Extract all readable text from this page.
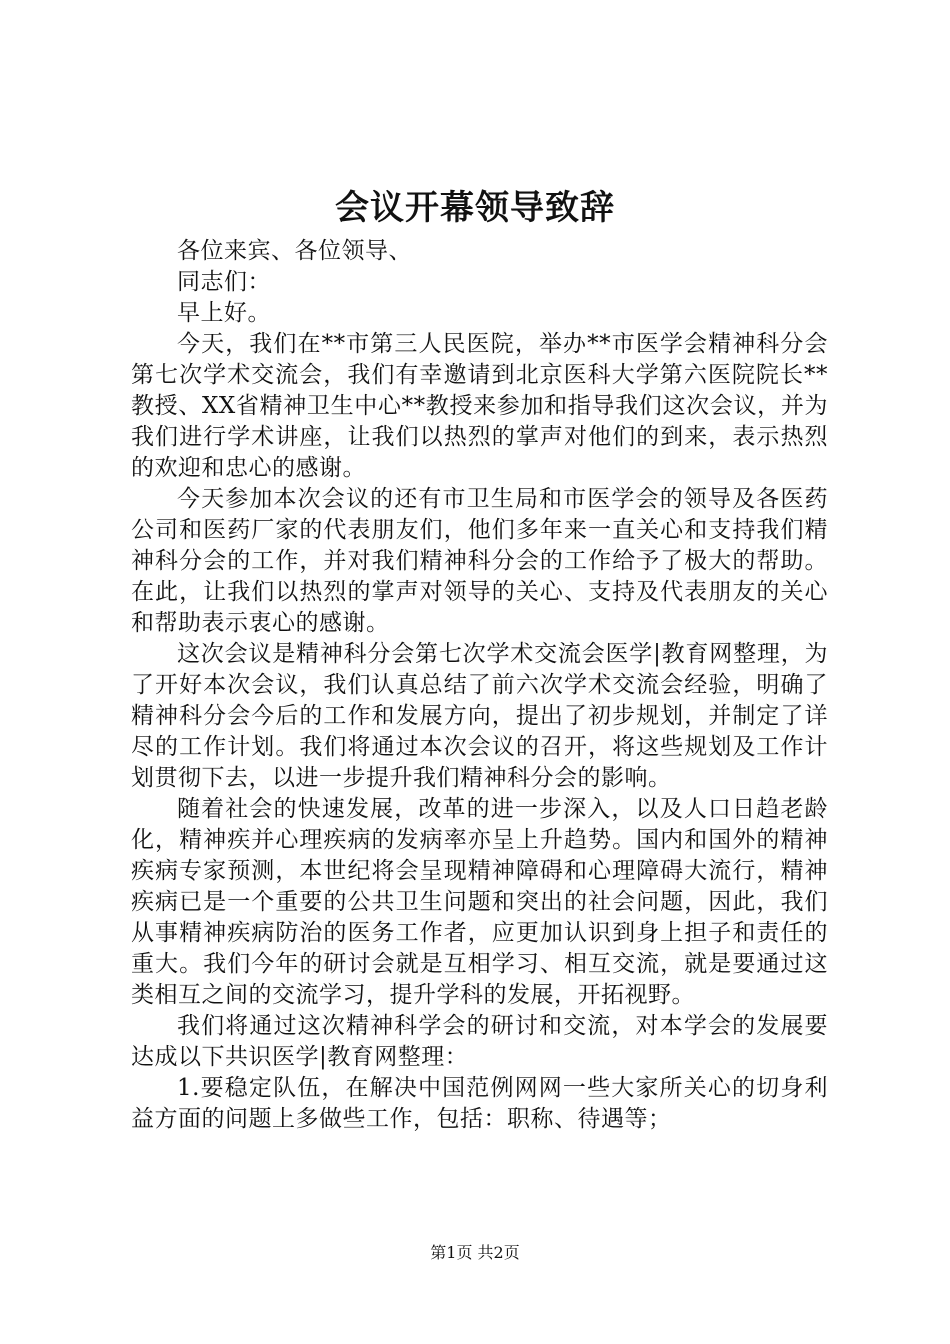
会议开幕领导致辞

各位来宾、各位领导、

同志们：

早上好。

今天，我们在**市第三人民医院，举办**市医学会精神科分会第七次学术交流会，我们有幸邀请到北京医科大学第六医院院长**教授、XX省精神卫生中心**教授来参加和指导我们这次会议，并为我们进行学术讲座，让我们以热烈的掌声对他们的到来，表示热烈的欢迎和忠心的感谢。

今天参加本次会议的还有市卫生局和市医学会的领导及各医药公司和医药厂家的代表朋友们，他们多年来一直关心和支持我们精神科分会的工作，并对我们精神科分会的工作给予了极大的帮助。在此，让我们以热烈的掌声对领导的关心、支持及代表朋友的关心和帮助表示衷心的感谢。

这次会议是精神科分会第七次学术交流会医学|教育网整理，为了开好本次会议，我们认真总结了前六次学术交流会经验，明确了精神科分会今后的工作和发展方向，提出了初步规划，并制定了详尽的工作计划。我们将通过本次会议的召开，将这些规划及工作计划贯彻下去，以进一步提升我们精神科分会的影响。

随着社会的快速发展，改革的进一步深入，以及人口日趋老龄化，精神疾并心理疾病的发病率亦呈上升趋势。国内和国外的精神疾病专家预测，本世纪将会呈现精神障碍和心理障碍大流行，精神疾病已是一个重要的公共卫生问题和突出的社会问题，因此，我们从事精神疾病防治的医务工作者，应更加认识到身上担子和责任的重大。我们今年的研讨会就是互相学习、相互交流，就是要通过这类相互之间的交流学习，提升学科的发展，开拓视野。

我们将通过这次精神科学会的研讨和交流，对本学会的发展要达成以下共识医学|教育网整理：

1.要稳定队伍，在解决中国范例网网一些大家所关心的切身利益方面的问题上多做些工作，包括：职称、待遇等；

第1页 共2页
